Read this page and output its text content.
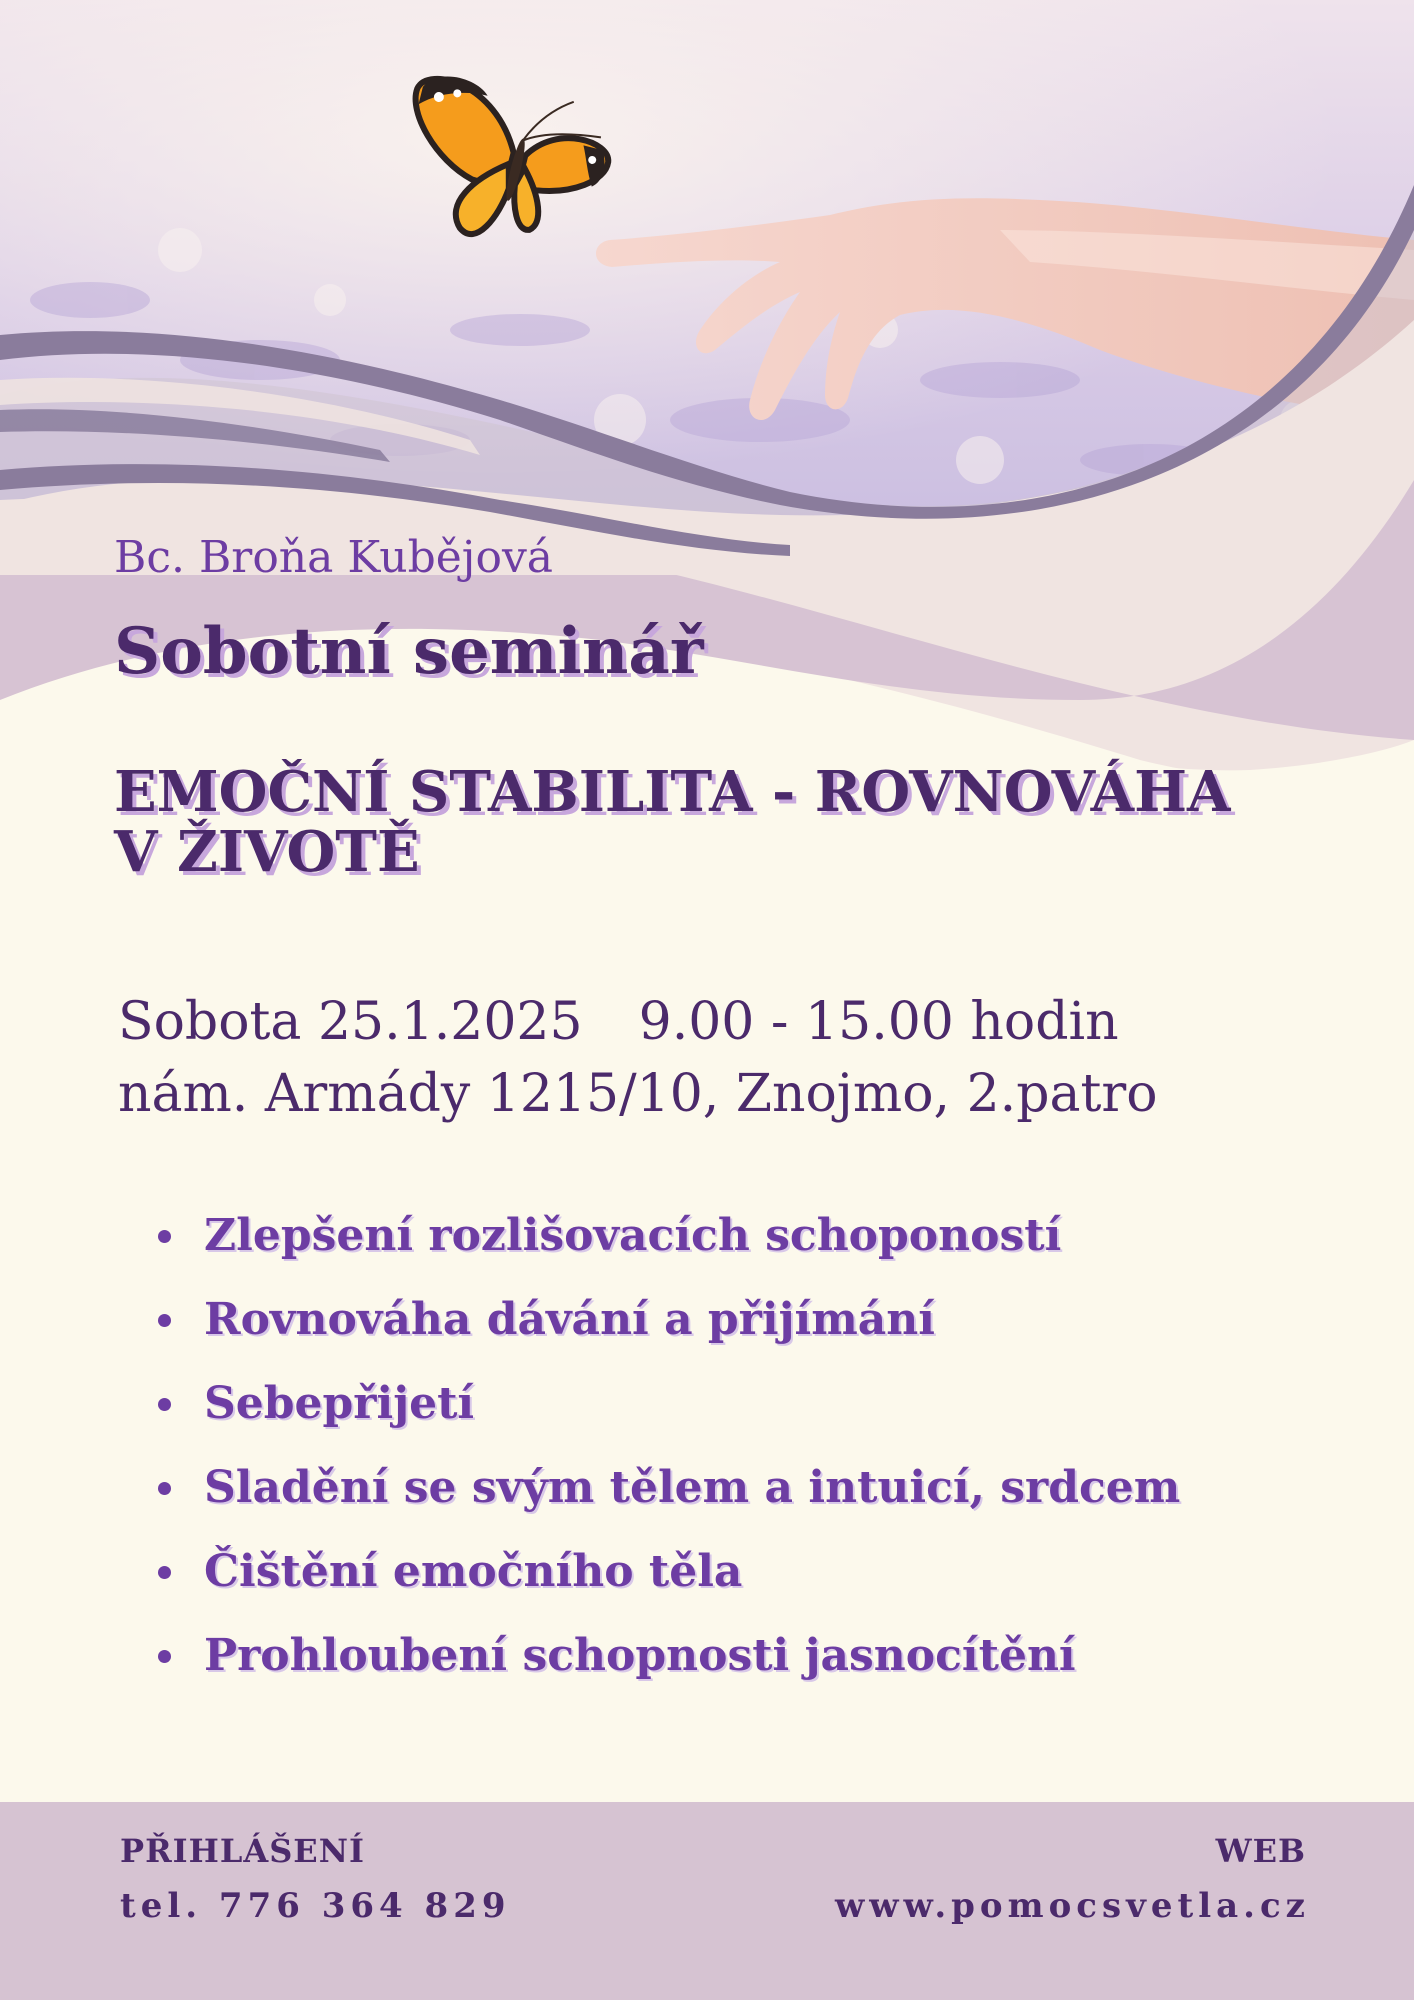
Bc. Broňa Kubějová

Sobotní seminář
EMOČNÍ STABILITA - ROVNOVÁHA
V ŽIVOTĚ
Sobota 25.1.2025 9.00 - 15.00 hodin
nám. Armády 1215/10, Znojmo, 2.patro
Zlepšení rozlišovacích schopoností
Rovnováha dávání a přijímání
Sebepřijetí
Sladění se svým tělem a intuicí, srdcem
Čištění emočního těla
Prohloubení schopnosti jasnocítění

PŘIHLÁŠENÍ

tel. 776 364 829

WEB

www.pomocsvetla.cz
